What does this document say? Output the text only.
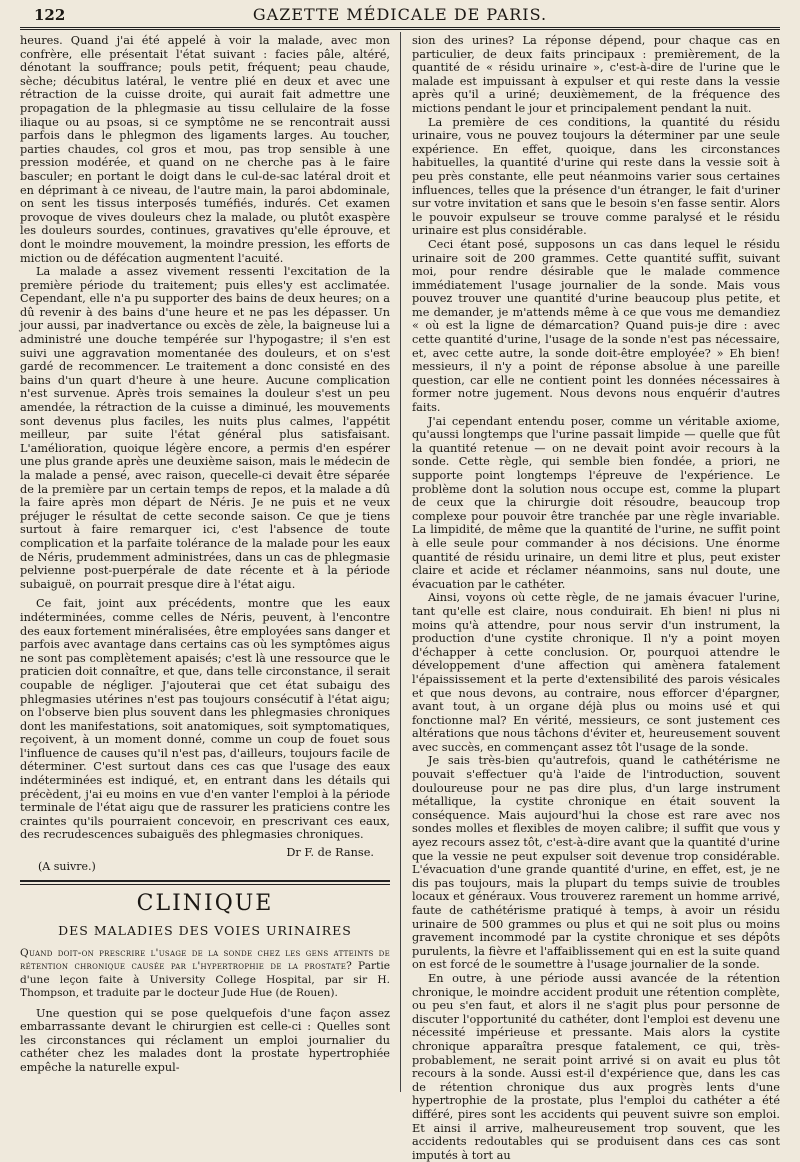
122	GAZETTE MÉDICALE DE PARIS.

heures. Quand j'ai été appelé à voir la malade, avec mon confrère, elle présentait l'état suivant : facies pâle, altéré, dénotant la souffrance; pouls petit, fréquent; peau chaude, sèche; décubitus latéral, le ventre plié en deux et avec une rétraction de la cuisse droite, qui aurait fait admettre une propagation de la phlegmasie au tissu cellulaire de la fosse iliaque ou au psoas, si ce symptôme ne se rencontrait aussi parfois dans le phlegmon des ligaments larges. Au toucher, parties chaudes, col gros et mou, pas trop sensible à une pression modérée, et quand on ne cherche pas à le faire basculer; en portant le doigt dans le cul-de-sac latéral droit et en déprimant à ce niveau, de l'autre main, la paroi abdominale, on sent les tissus interposés tuméfiés, indurés. Cet examen provoque de vives douleurs chez la malade, ou plutôt exaspère les douleurs sourdes, continues, gravatives qu'elle éprouve, et dont le moindre mouvement, la moindre pression, les efforts de miction ou de défécation augmentent l'acuité.

La malade a assez vivement ressenti l'excitation de la première période du traitement; puis elles'y est acclimatée. Cependant, elle n'a pu supporter des bains de deux heures; on a dû revenir à des bains d'une heure et ne pas les dépasser. Un jour aussi, par inadvertance ou excès de zèle, la baigneuse lui a administré une douche tempérée sur l'hypogastre; il s'en est suivi une aggravation momentanée des douleurs, et on s'est gardé de recommencer. Le traitement a donc consisté en des bains d'un quart d'heure à une heure. Aucune complication n'est survenue. Après trois semaines la douleur s'est un peu amendée, la rétraction de la cuisse a diminué, les mouvements sont devenus plus faciles, les nuits plus calmes, l'appétit meilleur, par suite l'état général plus satisfaisant. L'amélioration, quoique légère encore, a permis d'en espérer une plus grande après une deuxième saison, mais le médecin de la malade a pensé, avec raison, quecelle-ci devait être séparée de la première par un certain temps de repos, et la malade a dû la faire après mon départ de Néris. Je ne puis et ne veux préjuger le résultat de cette seconde saison. Ce que je tiens surtout à faire remarquer ici, c'est l'absence de toute complication et la parfaite tolérance de la malade pour les eaux de Néris, prudemment administrées, dans un cas de phlegmasie pelvienne post-puerpérale de date récente et à la période subaiguë, on pourrait presque dire à l'état aigu.

Ce fait, joint aux précédents, montre que les eaux indéterminées, comme celles de Néris, peuvent, à l'encontre des eaux fortement minéralisées, être employées sans danger et parfois avec avantage dans certains cas où les symptômes aigus ne sont pas complètement apaisés; c'est là une ressource que le praticien doit connaître, et que, dans telle circonstance, il serait coupable de négliger. J'ajouterai que cet état subaigu des phlegmasies utérines n'est pas toujours consécutif à l'état aigu; on l'observe bien plus souvent dans les phlegmasies chroniques dont les manifestations, soit anatomiques, soit symptomatiques, reçoivent, à un moment donné, comme un coup de fouet sous l'influence de causes qu'il n'est pas, d'ailleurs, toujours facile de déterminer. C'est surtout dans ces cas que l'usage des eaux indéterminées est indiqué, et, en entrant dans les détails qui précèdent, j'ai eu moins en vue d'en vanter l'emploi à la période terminale de l'état aigu que de rassurer les praticiens contre les craintes qu'ils pourraient concevoir, en prescrivant ces eaux, des recrudescences subaiguës des phlegmasies chroniques.

Dr F. de Ranse.
(A suivre.)
CLINIQUE
DES MALADIES DES VOIES URINAIRES
Quand doit-on prescrire l'usage de la sonde chez les gens atteints de rétention chronique causée par l'hypertrophie de la prostate? Partie d'une leçon faite à University College Hospital, par sir H. Thompson, et traduite par le docteur Jude Hue (de Rouen).

Une question qui se pose quelquefois d'une façon assez embarrassante devant le chirurgien est celle-ci : Quelles sont les circonstances qui réclament un emploi journalier du cathéter chez les malades dont la prostate hypertrophiée empêche la naturelle expul-

sion des urines? La réponse dépend, pour chaque cas en particulier, de deux faits principaux : premièrement, de la quantité de « résidu urinaire », c'est-à-dire de l'urine que le malade est impuissant à expulser et qui reste dans la vessie après qu'il a uriné; deuxièmement, de la fréquence des mictions pendant le jour et principalement pendant la nuit.

La première de ces conditions, la quantité du résidu urinaire, vous ne pouvez toujours la déterminer par une seule expérience. En effet, quoique, dans les circonstances habituelles, la quantité d'urine qui reste dans la vessie soit à peu près constante, elle peut néanmoins varier sous certaines influences, telles que la présence d'un étranger, le fait d'uriner sur votre invitation et sans que le besoin s'en fasse sentir. Alors le pouvoir expulseur se trouve comme paralysé et le résidu urinaire est plus considérable.

Ceci étant posé, supposons un cas dans lequel le résidu urinaire soit de 200 grammes. Cette quantité suffit, suivant moi, pour rendre désirable que le malade commence immédiatement l'usage journalier de la sonde. Mais vous pouvez trouver une quantité d'urine beaucoup plus petite, et me demander, je m'attends même à ce que vous me demandiez « où est la ligne de démarcation? Quand puis-je dire : avec cette quantité d'urine, l'usage de la sonde n'est pas nécessaire, et, avec cette autre, la sonde doit-être employée? » Eh bien! messieurs, il n'y a point de réponse absolue à une pareille question, car elle ne contient point les données nécessaires à former notre jugement. Nous devons nous enquérir d'autres faits.

J'ai cependant entendu poser, comme un véritable axiome, qu'aussi longtemps que l'urine passait limpide — quelle que fût la quantité retenue — on ne devait point avoir recours à la sonde. Cette règle, qui semble bien fondée, a priori, ne supporte point longtemps l'épreuve de l'expérience. Le problème dont la solution nous occupe est, comme la plupart de ceux que la chirurgie doit résoudre, beaucoup trop complexe pour pouvoir être tranchée par une règle invariable. La limpidité, de même que la quantité de l'urine, ne suffit point à elle seule pour commander à nos décisions. Une énorme quantité de résidu urinaire, un demi litre et plus, peut exister claire et acide et réclamer néanmoins, sans nul doute, une évacuation par le cathéter.

Ainsi, voyons où cette règle, de ne jamais évacuer l'urine, tant qu'elle est claire, nous conduirait. Eh bien! ni plus ni moins qu'à attendre, pour nous servir d'un instrument, la production d'une cystite chronique. Il n'y a point moyen d'échapper à cette conclusion. Or, pourquoi attendre le développement d'une affection qui amènera fatalement l'épaississement et la perte d'extensibilité des parois vésicales et que nous devons, au contraire, nous efforcer d'épargner, avant tout, à un organe déjà plus ou moins usé et qui fonctionne mal? En vérité, messieurs, ce sont justement ces altérations que nous tâchons d'éviter et, heureusement souvent avec succès, en commençant assez tôt l'usage de la sonde.

Je sais très-bien qu'autrefois, quand le cathétérisme ne pouvait s'effectuer qu'à l'aide de l'introduction, souvent douloureuse pour ne pas dire plus, d'un large instrument métallique, la cystite chronique en était souvent la conséquence. Mais aujourd'hui la chose est rare avec nos sondes molles et flexibles de moyen calibre; il suffit que vous y ayez recours assez tôt, c'est-à-dire avant que la quantité d'urine que la vessie ne peut expulser soit devenue trop considérable. L'évacuation d'une grande quantité d'urine, en effet, est, je ne dis pas toujours, mais la plupart du temps suivie de troubles locaux et généraux. Vous trouverez rarement un homme arrivé, faute de cathétérisme pratiqué à temps, à avoir un résidu urinaire de 500 grammes ou plus et qui ne soit plus ou moins gravement incommodé par la cystite chronique et ses dépôts purulents, la fièvre et l'affaiblissement qui en est la suite quand on est forcé de le soumettre à l'usage journalier de la sonde.

En outre, à une période aussi avancée de la rétention chronique, le moindre accident produit une rétention complète, ou peu s'en faut, et alors il ne s'agit plus pour personne de discuter l'opportunité du cathéter, dont l'emploi est devenu une nécessité impérieuse et pressante. Mais alors la cystite chronique apparaîtra presque fatalement, ce qui, très-probablement, ne serait point arrivé si on avait eu plus tôt recours à la sonde. Aussi est-il d'expérience que, dans les cas de rétention chronique dus aux progrès lents d'une hypertrophie de la prostate, plus l'emploi du cathéter a été différé, pires sont les accidents qui peuvent suivre son emploi. Et ainsi il arrive, malheureusement trop souvent, que les accidents redoutables qui se produisent dans ces cas sont imputés à tort au
